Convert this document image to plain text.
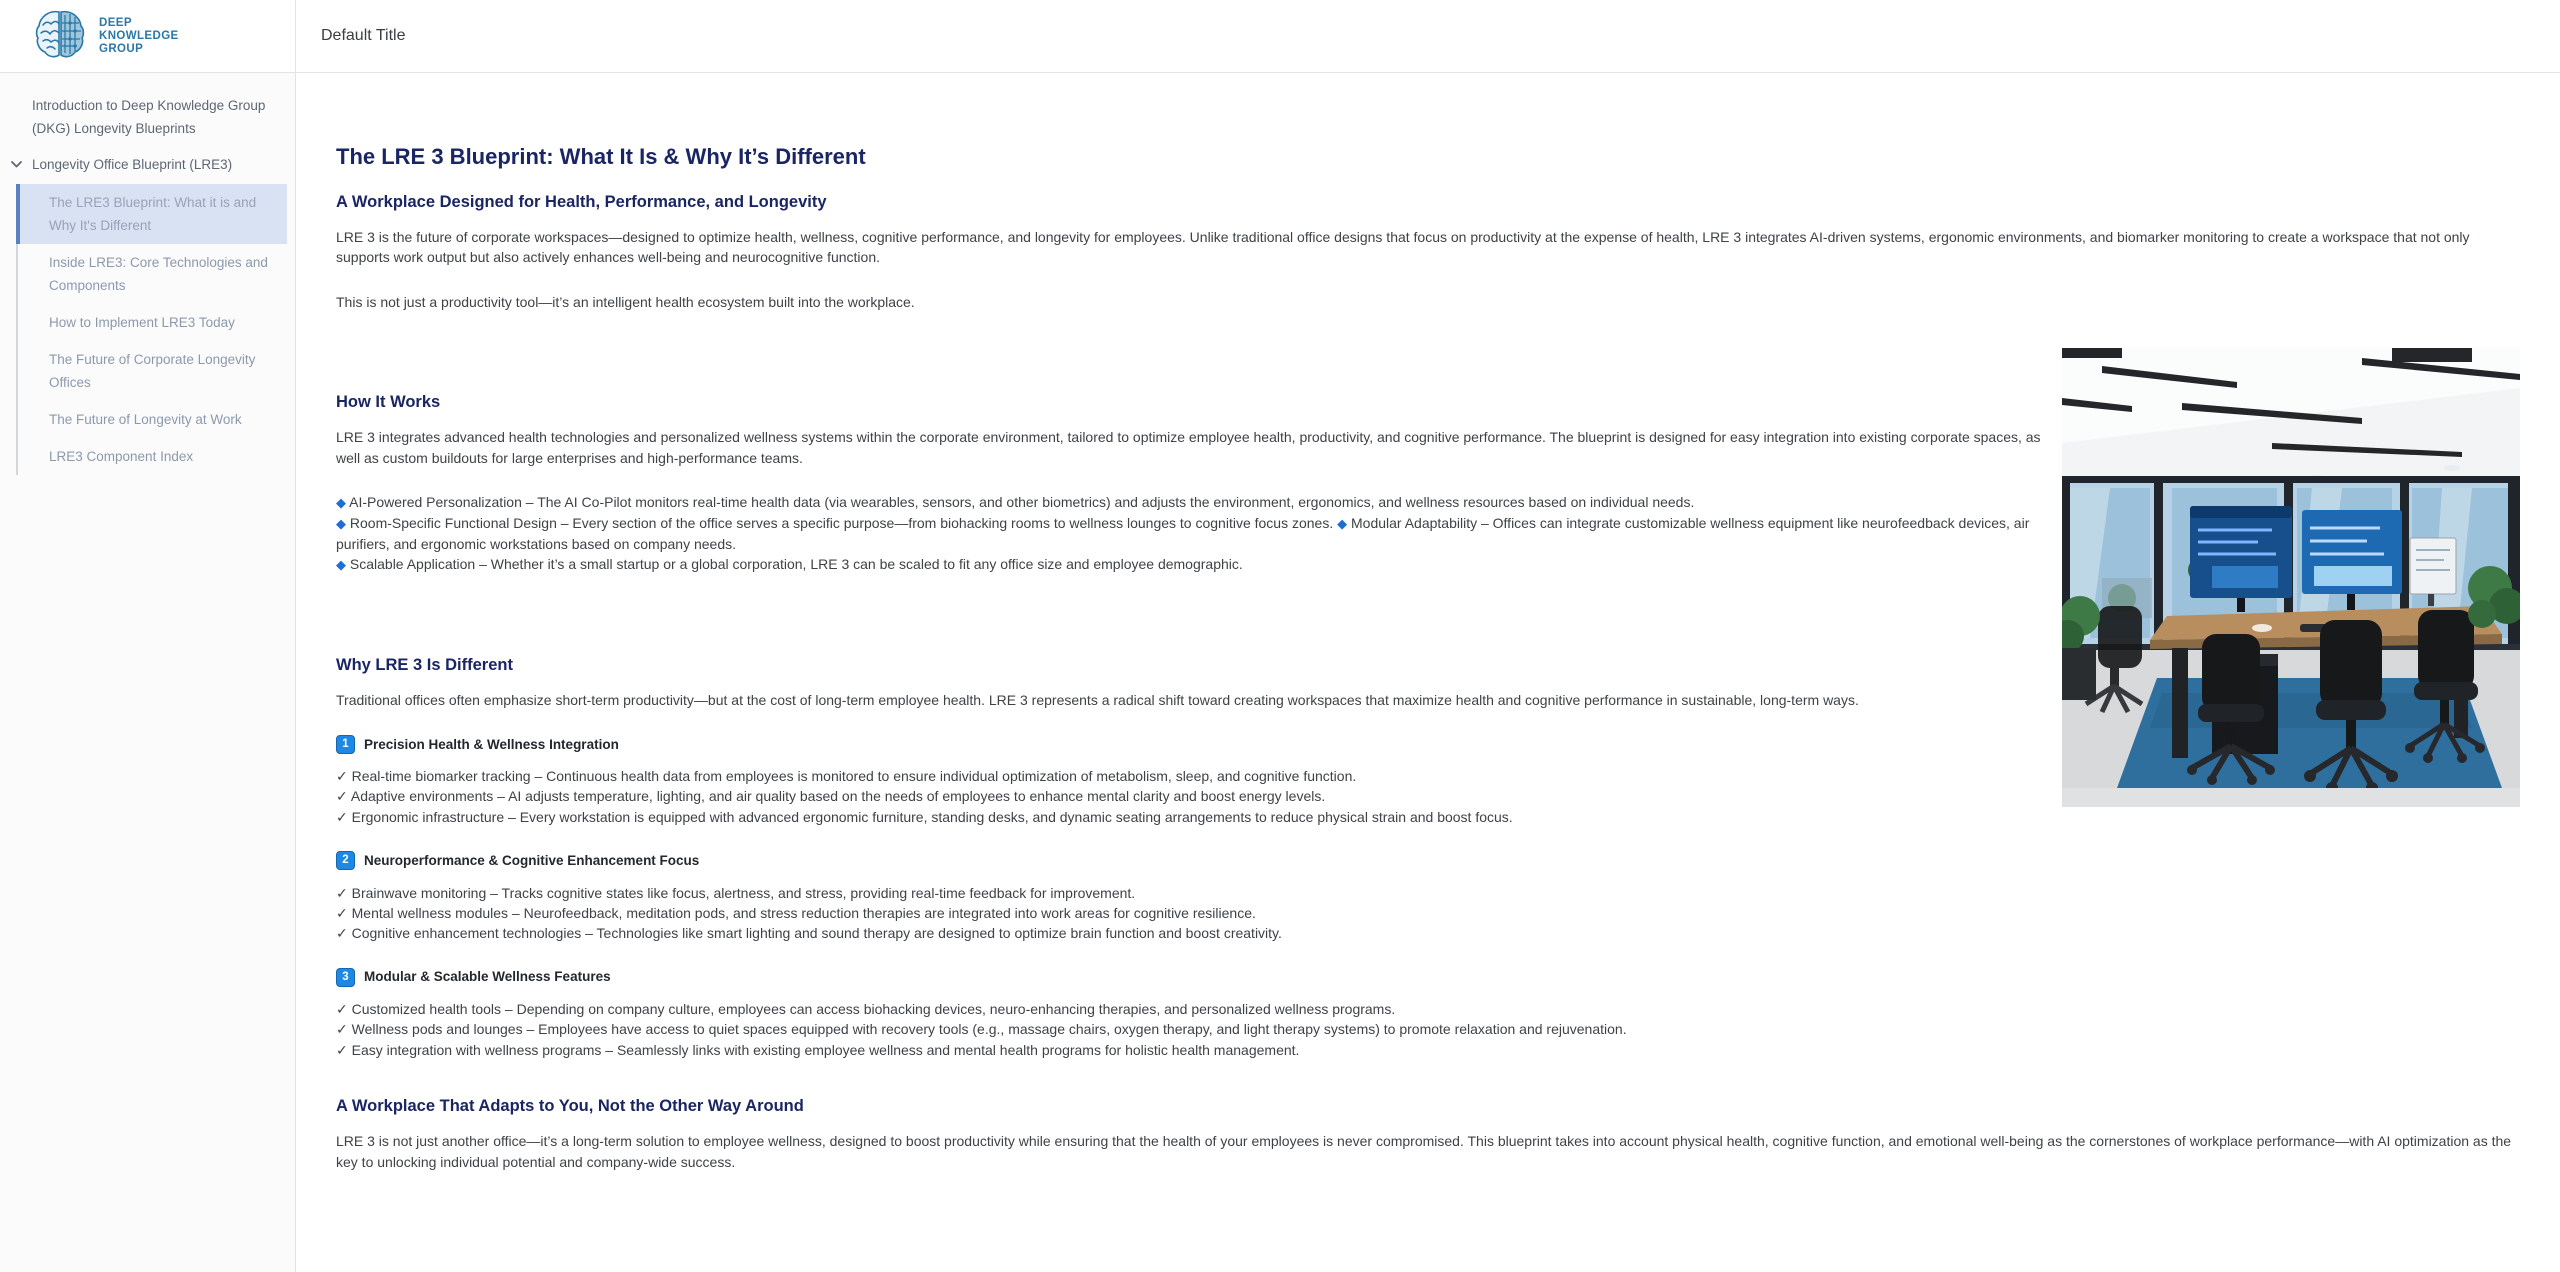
DEEP
KNOWLEDGE
GROUP
Default Title
Introduction to Deep Knowledge Group (DKG) Longevity Blueprints
Longevity Office Blueprint (LRE3)
The LRE3 Blueprint: What it is and Why It's Different
Inside LRE3: Core Technologies and Components
How to Implement LRE3 Today
The Future of Corporate Longevity Offices
The Future of Longevity at Work
LRE3 Component Index
The LRE 3 Blueprint: What It Is & Why It’s Different
A Workplace Designed for Health, Performance, and Longevity

LRE 3 is the future of corporate workspaces—designed to optimize health, wellness, cognitive performance, and longevity for employees. Unlike traditional office designs that focus on productivity at the expense of health, LRE 3 integrates AI-driven systems, ergonomic environments, and biomarker monitoring to create a workspace that not only supports work output but also actively enhances well-being and neurocognitive function.

This is not just a productivity tool—it’s an intelligent health ecosystem built into the workplace.

How It Works

LRE 3 integrates advanced health technologies and personalized wellness systems within the corporate environment, tailored to optimize employee health, productivity, and cognitive performance. The blueprint is designed for easy integration into existing corporate spaces, as well as custom buildouts for large enterprises and high-performance teams.

◆ AI-Powered Personalization – The AI Co-Pilot monitors real-time health data (via wearables, sensors, and other biometrics) and adjusts the environment, ergonomics, and wellness resources based on individual needs.

◆ Room-Specific Functional Design – Every section of the office serves a specific purpose—from biohacking rooms to wellness lounges to cognitive focus zones. ◆ Modular Adaptability – Offices can integrate customizable wellness equipment like neurofeedback devices, air purifiers, and ergonomic workstations based on company needs.

◆ Scalable Application – Whether it’s a small startup or a global corporation, LRE 3 can be scaled to fit any office size and employee demographic.

Why LRE 3 Is Different

Traditional offices often emphasize short-term productivity—but at the cost of long-term employee health. LRE 3 represents a radical shift toward creating workspaces that maximize health and cognitive performance in sustainable, long-term ways.

1	Precision Health & Wellness Integration

✓ Real-time biomarker tracking – Continuous health data from employees is monitored to ensure individual optimization of metabolism, sleep, and cognitive function.

✓ Adaptive environments – AI adjusts temperature, lighting, and air quality based on the needs of employees to enhance mental clarity and boost energy levels.

✓ Ergonomic infrastructure – Every workstation is equipped with advanced ergonomic furniture, standing desks, and dynamic seating arrangements to reduce physical strain and boost focus.

2	Neuroperformance & Cognitive Enhancement Focus

✓ Brainwave monitoring – Tracks cognitive states like focus, alertness, and stress, providing real-time feedback for improvement.

✓ Mental wellness modules – Neurofeedback, meditation pods, and stress reduction therapies are integrated into work areas for cognitive resilience.

✓ Cognitive enhancement technologies – Technologies like smart lighting and sound therapy are designed to optimize brain function and boost creativity.

3	Modular & Scalable Wellness Features

✓ Customized health tools – Depending on company culture, employees can access biohacking devices, neuro-enhancing therapies, and personalized wellness programs.

✓ Wellness pods and lounges – Employees have access to quiet spaces equipped with recovery tools (e.g., massage chairs, oxygen therapy, and light therapy systems) to promote relaxation and rejuvenation.

✓ Easy integration with wellness programs – Seamlessly links with existing employee wellness and mental health programs for holistic health management.

A Workplace That Adapts to You, Not the Other Way Around

LRE 3 is not just another office—it’s a long-term solution to employee wellness, designed to boost productivity while ensuring that the health of your employees is never compromised. This blueprint takes into account physical health, cognitive function, and emotional well-being as the cornerstones of workplace performance—with AI optimization as the key to unlocking individual potential and company-wide success.
